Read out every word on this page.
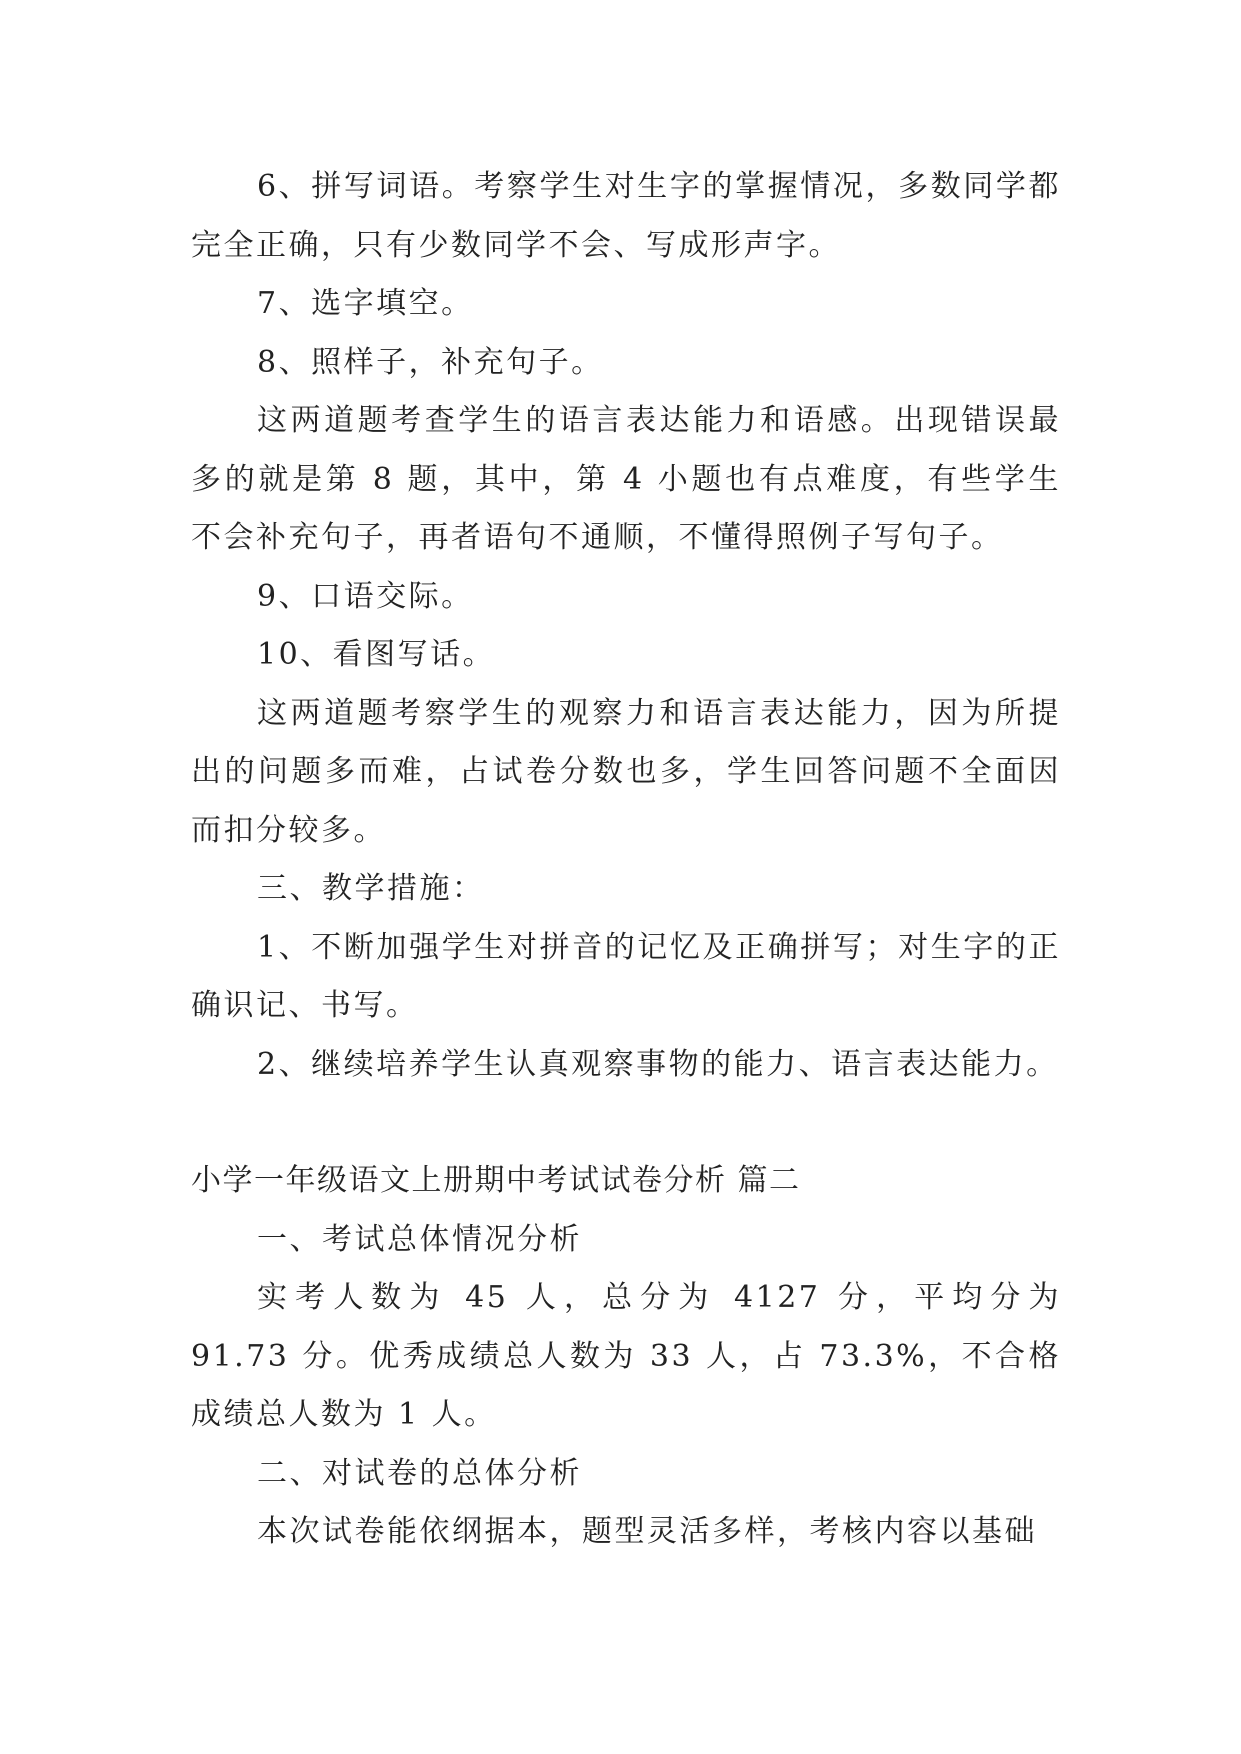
6、拼写词语。考察学生对生字的掌握情况，多数同学都完全正确，只有少数同学不会、写成形声字。

7、选字填空。

8、照样子，补充句子。

这两道题考查学生的语言表达能力和语感。出现错误最多的就是第 8 题，其中，第 4 小题也有点难度，有些学生不会补充句子，再者语句不通顺，不懂得照例子写句子。

9、口语交际。

10、看图写话。

这两道题考察学生的观察力和语言表达能力，因为所提出的问题多而难，占试卷分数也多，学生回答问题不全面因而扣分较多。

三、教学措施：

1、不断加强学生对拼音的记忆及正确拼写；对生字的正确识记、书写。

2、继续培养学生认真观察事物的能力、语言表达能力。

小学一年级语文上册期中考试试卷分析 篇二

一、考试总体情况分析

实考人数为 45 人，总分为 4127 分，平均分为 91.73 分。优秀成绩总人数为 33 人，占 73.3%，不合格成绩总人数为 1 人。

二、对试卷的总体分析

本次试卷能依纲据本，题型灵活多样，考核内容以基础
